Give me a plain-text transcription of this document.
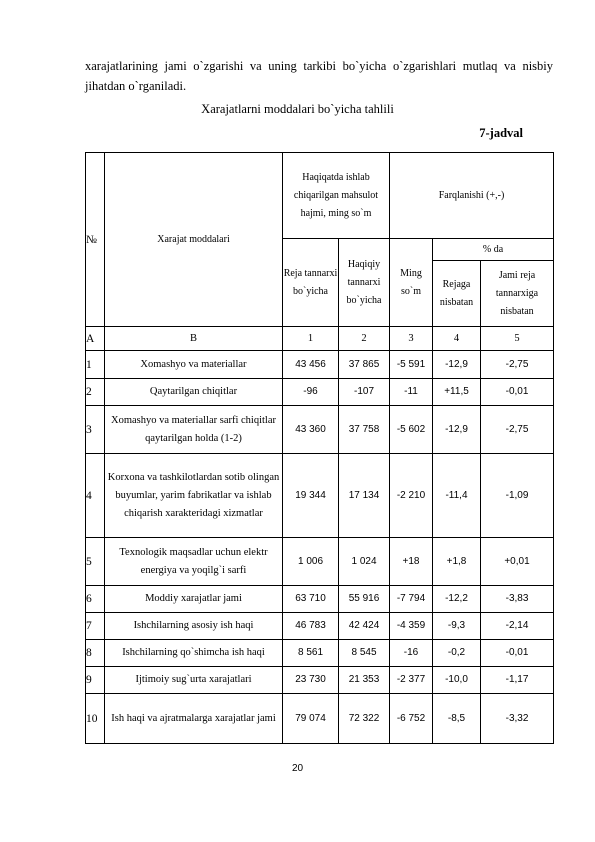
xarajatlarining jami o`zgarishi va uning tarkibi bo`yicha o`zgarishlari mutlaq va nisbiy jihatdan o`rganiladi.
Xarajatlarni moddalari bo`yicha tahlili
7-jadval
№	Xarajat moddalari	Haqiqatda ishlab chiqarilgan mahsulot hajmi, ming so`m		Farqlanishi (+,-)		
		Reja tannarxi bo`yicha	Haqiqiy tannarxi bo`yicha	Ming so`m	% da	
					Rejaga nisbatan	Jami reja tannarxiga nisbatan
A	B	1	2	3	4	5
1	Xomashyo va materiallar	43 456	37 865	-5 591	-12,9	-2,75
2	Qaytarilgan chiqitlar	-96	-107	-11	+11,5	-0,01
3	Xomashyo va materiallar sarfi chiqitlar qaytarilgan holda (1-2)	43 360	37 758	-5 602	-12,9	-2,75
4	Korxona va tashkilotlardan sotib olingan buyumlar, yarim fabrikatlar va ishlab chiqarish xarakteridagi xizmatlar	19 344	17 134	-2 210	-11,4	-1,09
5	Texnologik maqsadlar uchun elektr energiya va yoqilg`i sarfi	1 006	1 024	+18	+1,8	+0,01
6	Moddiy xarajatlar jami	63 710	55 916	-7 794	-12,2	-3,83
7	Ishchilarning asosiy ish haqi	46 783	42 424	-4 359	-9,3	-2,14
8	Ishchilarning qo`shimcha ish haqi	8 561	8 545	-16	-0,2	-0,01
9	Ijtimoiy sug`urta xarajatlari	23 730	21 353	-2 377	-10,0	-1,17
10	Ish haqi va ajratmalarga xarajatlar jami	79 074	72 322	-6 752	-8,5	-3,32
20
